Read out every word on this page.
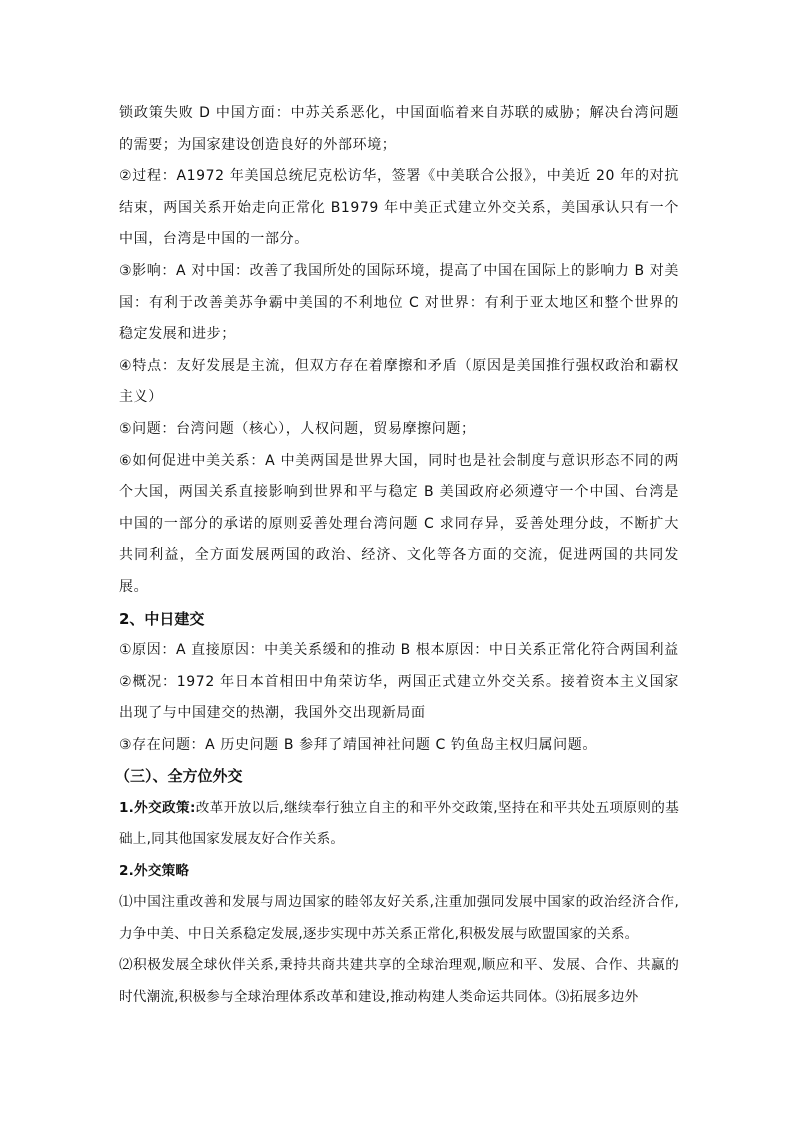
锁政策失败 D 中国方面：中苏关系恶化，中国面临着来自苏联的威胁；解决台湾问题的需要；为国家建设创造良好的外部环境；

②过程：A1972 年美国总统尼克松访华，签署《中美联合公报》，中美近 20 年的对抗结束，两国关系开始走向正常化 B1979 年中美正式建立外交关系，美国承认只有一个中国，台湾是中国的一部分。

③影响：A 对中国：改善了我国所处的国际环境，提高了中国在国际上的影响力 B 对美国：有利于改善美苏争霸中美国的不利地位 C 对世界：有利于亚太地区和整个世界的稳定发展和进步；

④特点：友好发展是主流，但双方存在着摩擦和矛盾（原因是美国推行强权政治和霸权主义）

⑤问题：台湾问题（核心），人权问题，贸易摩擦问题；

⑥如何促进中美关系：A 中美两国是世界大国，同时也是社会制度与意识形态不同的两个大国，两国关系直接影响到世界和平与稳定 B 美国政府必须遵守一个中国、台湾是中国的一部分的承诺的原则妥善处理台湾问题 C 求同存异，妥善处理分歧，不断扩大共同利益，全方面发展两国的政治、经济、文化等各方面的交流，促进两国的共同发展。

2、中日建交

①原因：A 直接原因：中美关系缓和的推动 B 根本原因：中日关系正常化符合两国利益

②概况：1972 年日本首相田中角荣访华，两国正式建立外交关系。接着资本主义国家出现了与中国建交的热潮，我国外交出现新局面

③存在问题：A 历史问题 B 参拜了靖国神社问题 C 钓鱼岛主权归属问题。

（三）、全方位外交

1.外交政策:改革开放以后,继续奉行独立自主的和平外交政策,坚持在和平共处五项原则的基础上,同其他国家发展友好合作关系。

2.外交策略

⑴中国注重改善和发展与周边国家的睦邻友好关系,注重加强同发展中国家的政治经济合作,力争中美、中日关系稳定发展,逐步实现中苏关系正常化,积极发展与欧盟国家的关系。

⑵积极发展全球伙伴关系,秉持共商共建共享的全球治理观,顺应和平、发展、合作、共赢的时代潮流,积极参与全球治理体系改革和建设,推动构建人类命运共同体。⑶拓展多边外
